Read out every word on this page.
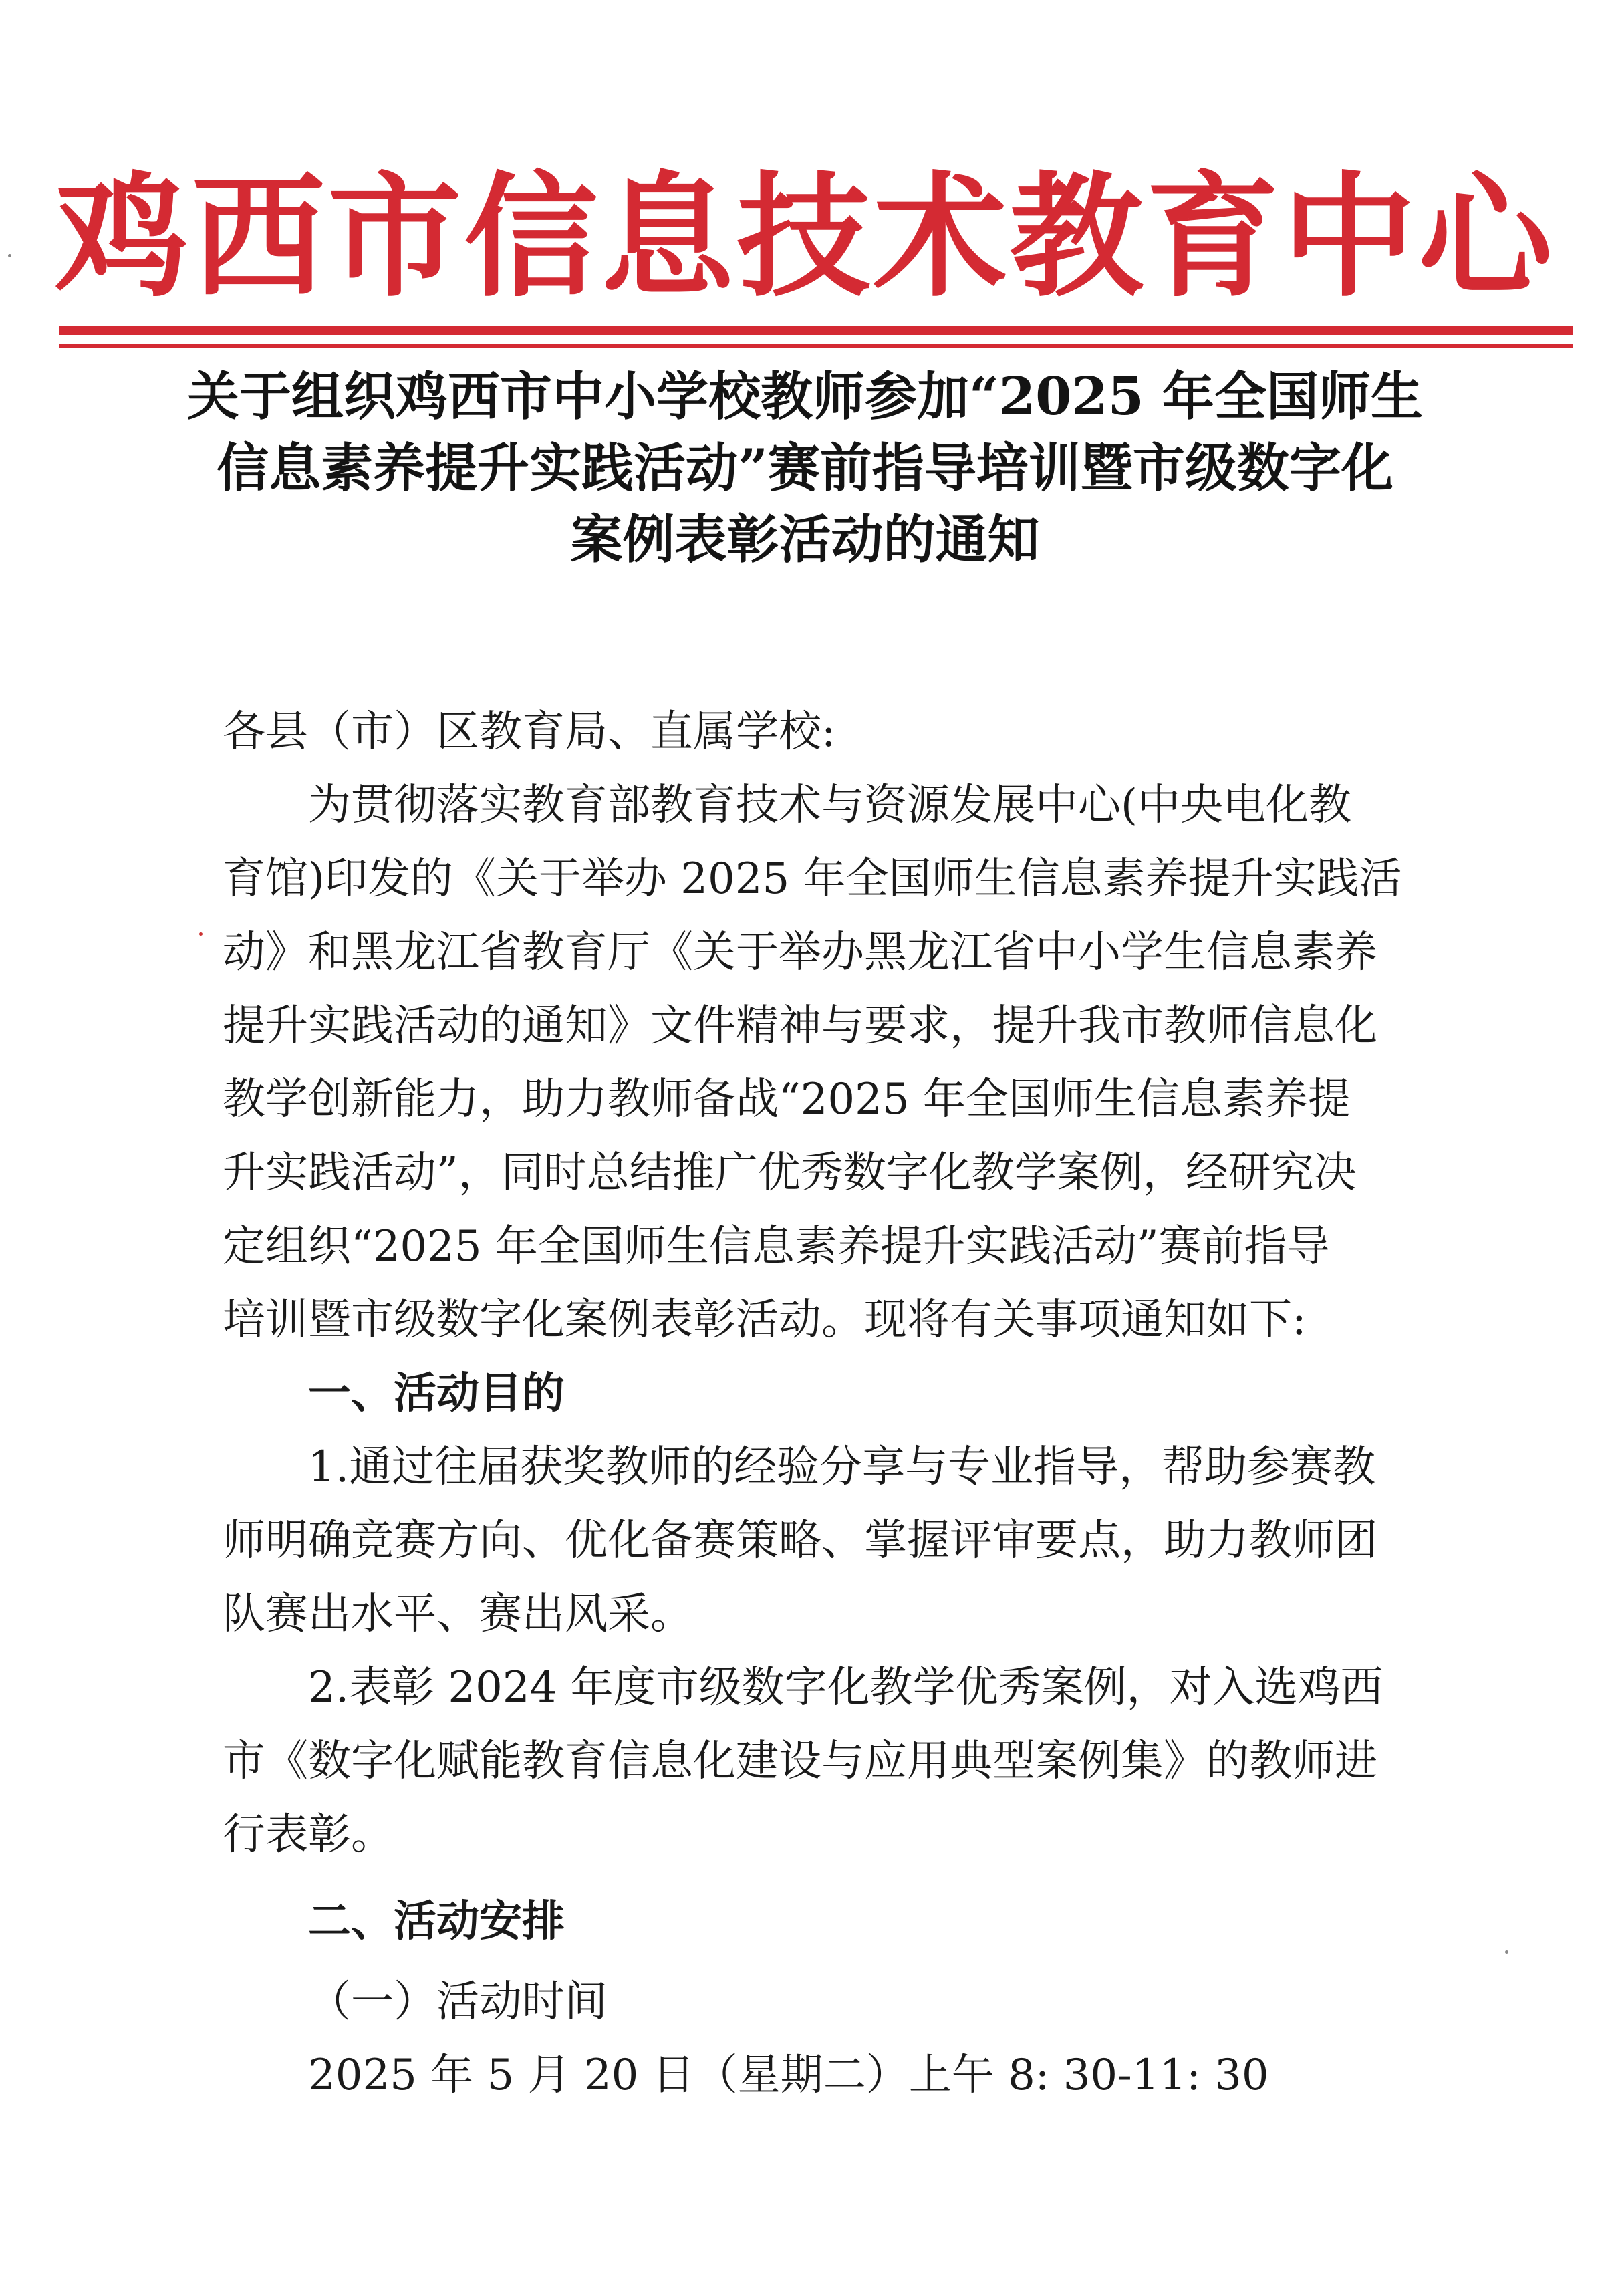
鸡西市信息技术教育中心
关于组织鸡西市中小学校教师参加“2025 年全国师生
信息素养提升实践活动”赛前指导培训暨市级数字化
案例表彰活动的通知
各县（市）区教育局、直属学校:
为贯彻落实教育部教育技术与资源发展中心(中央电化教
育馆)印发的《关于举办 2025 年全国师生信息素养提升实践活
动》和黑龙江省教育厅《关于举办黑龙江省中小学生信息素养
提升实践活动的通知》文件精神与要求，提升我市教师信息化
教学创新能力，助力教师备战“2025 年全国师生信息素养提
升实践活动”，同时总结推广优秀数字化教学案例，经研究决
定组织“2025 年全国师生信息素养提升实践活动”赛前指导
培训暨市级数字化案例表彰活动。现将有关事项通知如下:
一、活动目的
1.通过往届获奖教师的经验分享与专业指导，帮助参赛教
师明确竞赛方向、优化备赛策略、掌握评审要点，助力教师团
队赛出水平、赛出风采。
2.表彰 2024 年度市级数字化教学优秀案例，对入选鸡西
市《数字化赋能教育信息化建设与应用典型案例集》的教师进
行表彰。
二、活动安排
（一）活动时间
2025 年 5 月 20 日（星期二）上午 8: 30-11: 30
